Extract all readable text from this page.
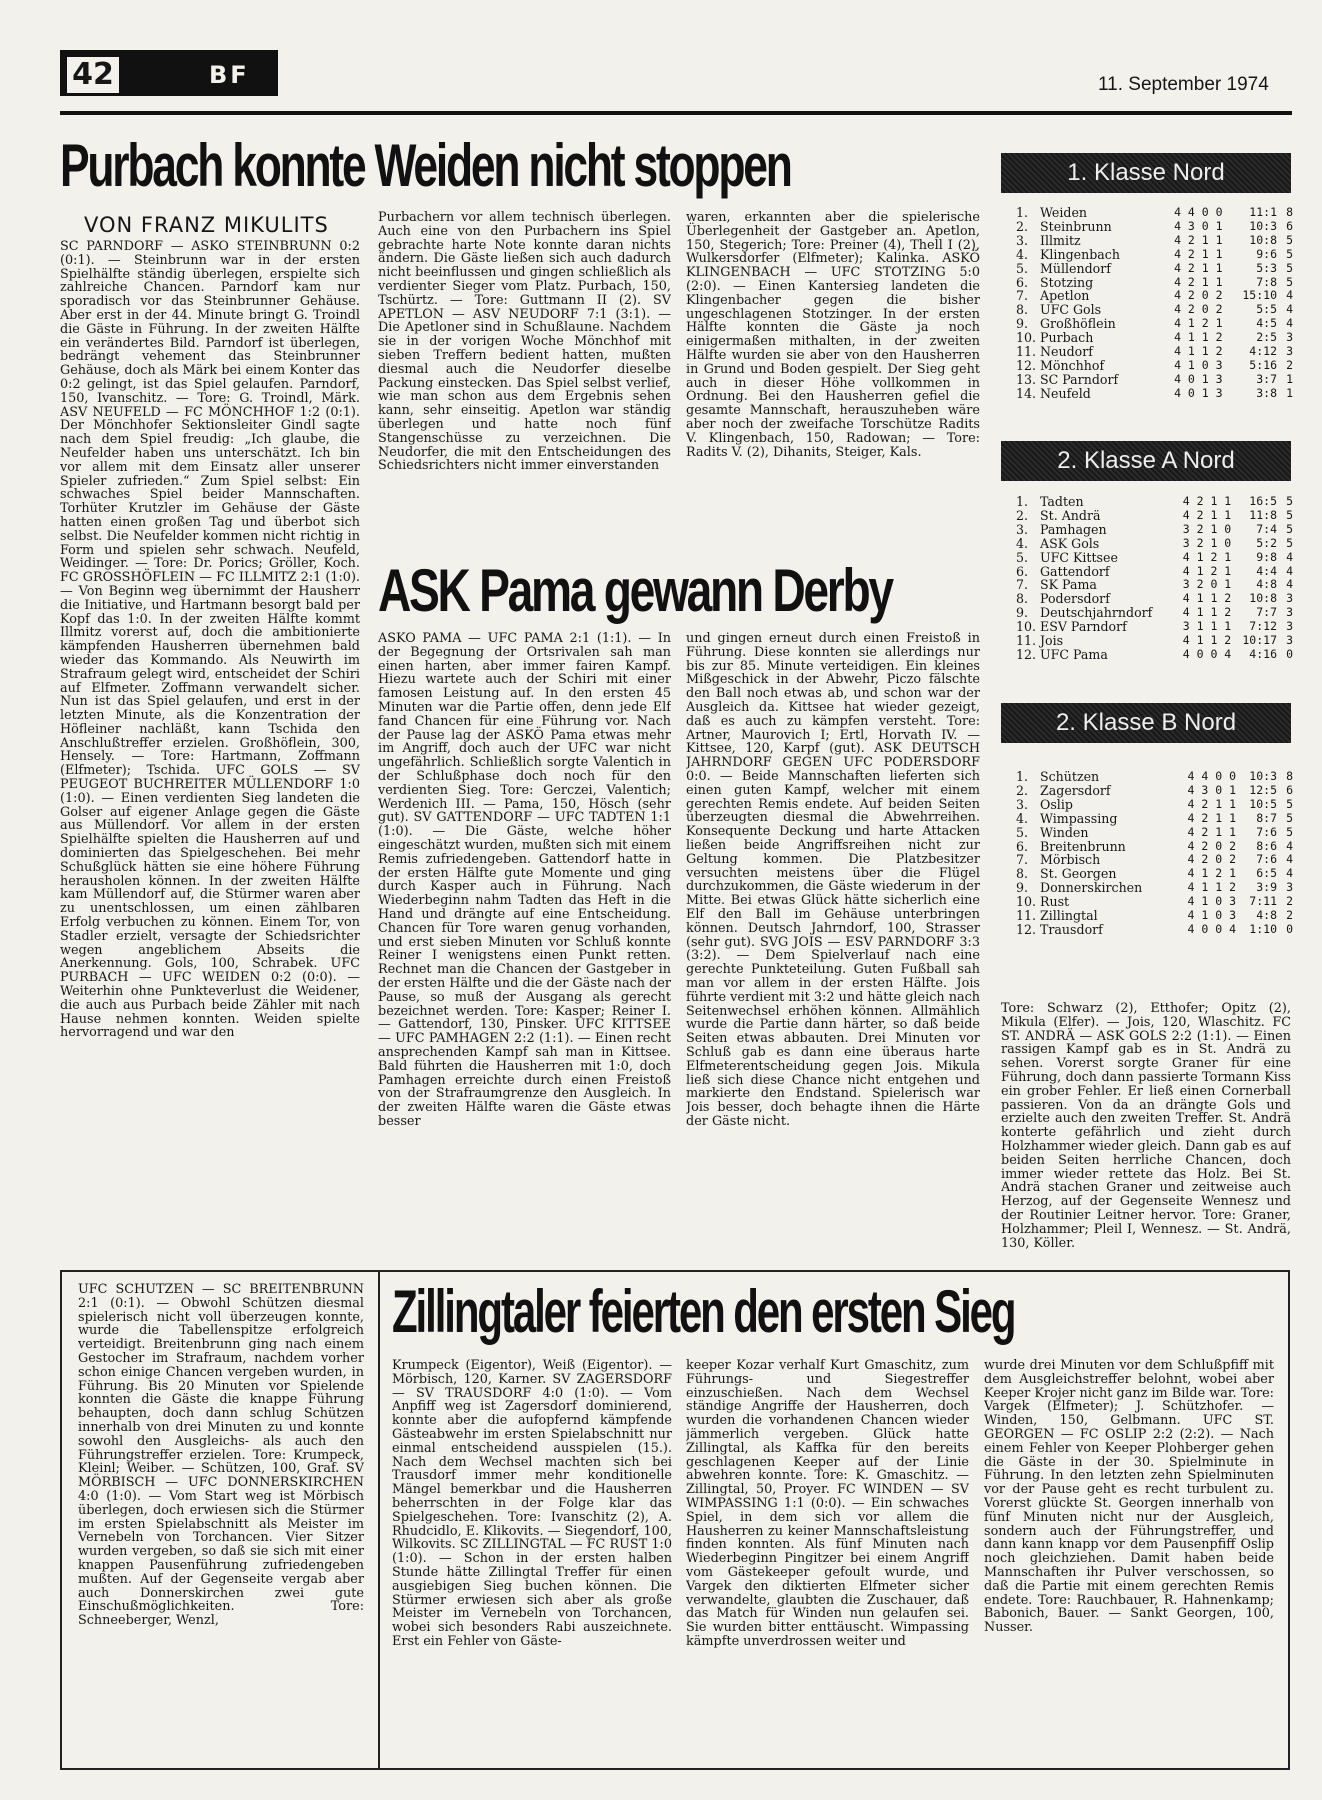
42	BF	11. September 1974
Purbach konnte Weiden nicht stoppen
VON FRANZ MIKULITS

SC PARNDORF — ASKÖ STEINBRUNN 0:2 (0:1). — Steinbrunn war in der ersten Spielhälfte ständig überlegen, erspielte sich zahlreiche Chancen. Parndorf kam nur sporadisch vor das Steinbrunner Gehäuse. Aber erst in der 44. Minute bringt G. Troindl die Gäste in Führung. In der zweiten Hälfte ein verändertes Bild. Parndorf ist überlegen, bedrängt vehement das Steinbrunner Gehäuse, doch als Märk bei einem Konter das 0:2 gelingt, ist das Spiel gelaufen. Parndorf, 150, Ivanschitz. — Tore: G. Troindl, Märk. ASV NEUFELD — FC MÖNCHHOF 1:2 (0:1). Der Mönchhofer Sektionsleiter Gindl sagte nach dem Spiel freudig: „Ich glaube, die Neufelder haben uns unterschätzt. Ich bin vor allem mit dem Einsatz aller unserer Spieler zufrieden.“ Zum Spiel selbst: Ein schwaches Spiel beider Mannschaften. Torhüter Krutzler im Gehäuse der Gäste hatten einen großen Tag und überbot sich selbst. Die Neufelder kommen nicht richtig in Form und spielen sehr schwach. Neufeld, Weidinger. — Tore: Dr. Porics; Gröller, Koch. FC GROSSHÖFLEIN — FC ILLMITZ 2:1 (1:0). — Von Beginn weg übernimmt der Hausherr die Initiative, und Hartmann besorgt bald per Kopf das 1:0. In der zweiten Hälfte kommt Illmitz vorerst auf, doch die ambitionierte kämpfenden Hausherren übernehmen bald wieder das Kommando. Als Neuwirth im Strafraum gelegt wird, entscheidet der Schiri auf Elfmeter. Zoffmann verwandelt sicher. Nun ist das Spiel gelaufen, und erst in der letzten Minute, als die Konzentration der Höfleiner nachläßt, kann Tschida den Anschlußtreffer erzielen. Großhöflein, 300, Hensely. — Tore: Hartmann, Zoffmann (Elfmeter); Tschida. UFC GOLS — SV PEUGEOT BUCHREITER MÜLLENDORF 1:0 (1:0). — Einen verdienten Sieg landeten die Golser auf eigener Anlage gegen die Gäste aus Müllendorf. Vor allem in der ersten Spielhälfte spielten die Hausherren auf und dominierten das Spielgeschehen. Bei mehr Schußglück hätten sie eine höhere Führung herausholen können. In der zweiten Hälfte kam Müllendorf auf, die Stürmer waren aber zu unentschlossen, um einen zählbaren Erfolg verbuchen zu können. Einem Tor, von Stadler erzielt, versagte der Schiedsrichter wegen angeblichem Abseits die Anerkennung. Gols, 100, Schrabek. UFC PURBACH — UFC WEIDEN 0:2 (0:0). — Weiterhin ohne Punkteverlust die Weidener, die auch aus Purbach beide Zähler mit nach Hause nehmen konnten. Weiden spielte hervorragend und war den

Purbachern vor allem technisch überlegen. Auch eine von den Purbachern ins Spiel gebrachte harte Note konnte daran nichts ändern. Die Gäste ließen sich auch dadurch nicht beeinflussen und gingen schließlich als verdienter Sieger vom Platz. Purbach, 150, Tschürtz. — Tore: Guttmann II (2). SV APETLON — ASV NEUDORF 7:1 (3:1). — Die Apetloner sind in Schußlaune. Nachdem sie in der vorigen Woche Mönchhof mit sieben Treffern bedient hatten, mußten diesmal auch die Neudorfer dieselbe Packung einstecken. Das Spiel selbst verlief, wie man schon aus dem Ergebnis sehen kann, sehr einseitig. Apetlon war ständig überlegen und hatte noch fünf Stangenschüsse zu verzeichnen. Die Neudorfer, die mit den Entscheidungen des Schiedsrichters nicht immer einverstanden

waren, erkannten aber die spielerische Überlegenheit der Gastgeber an. Apetlon, 150, Stegerich; Tore: Preiner (4), Thell I (2), Wulkersdorfer (Elfmeter); Kalinka. ASKÖ KLINGENBACH — UFC STOTZING 5:0 (2:0). — Einen Kantersieg landeten die Klingenbacher gegen die bisher ungeschlagenen Stotzinger. In der ersten Hälfte konnten die Gäste ja noch einigermaßen mithalten, in der zweiten Hälfte wurden sie aber von den Hausherren in Grund und Boden gespielt. Der Sieg geht auch in dieser Höhe vollkommen in Ordnung. Bei den Hausherren gefiel die gesamte Mannschaft, herauszuheben wäre aber noch der zweifache Torschütze Radits V. Klingenbach, 150, Radowan; — Tore: Radits V. (2), Dihanits, Steiger, Kals.

ASK Pama gewann Derby

ASKÖ PAMA — UFC PAMA 2:1 (1:1). — In der Begegnung der Ortsrivalen sah man einen harten, aber immer fairen Kampf. Hiezu wartete auch der Schiri mit einer famosen Leistung auf. In den ersten 45 Minuten war die Partie offen, denn jede Elf fand Chancen für eine Führung vor. Nach der Pause lag der ASKÖ Pama etwas mehr im Angriff, doch auch der UFC war nicht ungefährlich. Schließlich sorgte Valentich in der Schlußphase doch noch für den verdienten Sieg. Tore: Gerczei, Valentich; Werdenich III. — Pama, 150, Hösch (sehr gut). SV GATTENDORF — UFC TADTEN 1:1 (1:0). — Die Gäste, welche höher eingeschätzt wurden, mußten sich mit einem Remis zufriedengeben. Gattendorf hatte in der ersten Hälfte gute Momente und ging durch Kasper auch in Führung. Nach Wiederbeginn nahm Tadten das Heft in die Hand und drängte auf eine Entscheidung. Chancen für Tore waren genug vorhanden, und erst sieben Minuten vor Schluß konnte Reiner I wenigstens einen Punkt retten. Rechnet man die Chancen der Gastgeber in der ersten Hälfte und die der Gäste nach der Pause, so muß der Ausgang als gerecht bezeichnet werden. Tore: Kasper; Reiner I. — Gattendorf, 130, Pinsker. UFC KITTSEE — UFC PAMHAGEN 2:2 (1:1). — Einen recht ansprechenden Kampf sah man in Kittsee. Bald führten die Hausherren mit 1:0, doch Pamhagen erreichte durch einen Freistoß von der Strafraumgrenze den Ausgleich. In der zweiten Hälfte waren die Gäste etwas besser

und gingen erneut durch einen Freistoß in Führung. Diese konnten sie allerdings nur bis zur 85. Minute verteidigen. Ein kleines Mißgeschick in der Abwehr, Piczo fälschte den Ball noch etwas ab, und schon war der Ausgleich da. Kittsee hat wieder gezeigt, daß es auch zu kämpfen versteht. Tore: Artner, Maurovich I; Ertl, Horvath IV. — Kittsee, 120, Karpf (gut). ASK DEUTSCH JAHRNDORF GEGEN UFC PODERSDORF 0:0. — Beide Mannschaften lieferten sich einen guten Kampf, welcher mit einem gerechten Remis endete. Auf beiden Seiten überzeugten diesmal die Abwehrreihen. Konsequente Deckung und harte Attacken ließen beide Angriffsreihen nicht zur Geltung kommen. Die Platzbesitzer versuchten meistens über die Flügel durchzukommen, die Gäste wiederum in der Mitte. Bei etwas Glück hätte sicherlich eine Elf den Ball im Gehäuse unterbringen können. Deutsch Jahrndorf, 100, Strasser (sehr gut). SVG JOIS — ESV PARNDORF 3:3 (3:2). — Dem Spielverlauf nach eine gerechte Punkteteilung. Guten Fußball sah man vor allem in der ersten Hälfte. Jois führte verdient mit 3:2 und hätte gleich nach Seitenwechsel erhöhen können. Allmählich wurde die Partie dann härter, so daß beide Seiten etwas abbauten. Drei Minuten vor Schluß gab es dann eine überaus harte Elfmeterentscheidung gegen Jois. Mikula ließ sich diese Chance nicht entgehen und markierte den Endstand. Spielerisch war Jois besser, doch behagte ihnen die Härte der Gäste nicht.

Tore: Schwarz (2), Etthofer; Opitz (2), Mikula (Elfer). — Jois, 120, Wlaschitz. FC ST. ANDRÄ — ASK GOLS 2:2 (1:1). — Einen rassigen Kampf gab es in St. Andrä zu sehen. Vorerst sorgte Graner für eine Führung, doch dann passierte Tormann Kiss ein grober Fehler. Er ließ einen Cornerball passieren. Von da an drängte Gols und erzielte auch den zweiten Treffer. St. Andrä konterte gefährlich und zieht durch Holzhammer wieder gleich. Dann gab es auf beiden Seiten herrliche Chancen, doch immer wieder rettete das Holz. Bei St. Andrä stachen Graner und zeitweise auch Herzog, auf der Gegenseite Wennesz und der Routinier Leitner hervor. Tore: Graner, Holzhammer; Pleil I, Wennesz. — St. Andrä, 130, Köller.

1. Klasse Nord
1.	Weiden	4 4 0 0	11:1	8
2.	Steinbrunn	4 3 0 1	10:3	6
3.	Illmitz	4 2 1 1	10:8	5
4.	Klingenbach	4 2 1 1	9:6	5
5.	Müllendorf	4 2 1 1	5:3	5
6.	Stotzing	4 2 1 1	7:8	5
7.	Apetlon	4 2 0 2	15:10	4
8.	UFC Gols	4 2 0 2	5:5	4
9.	Großhöflein	4 1 2 1	4:5	4
10.	Purbach	4 1 1 2	2:5	3
11.	Neudorf	4 1 1 2	4:12	3
12.	Mönchhof	4 1 0 3	5:16	2
13.	SC Parndorf	4 0 1 3	3:7	1
14.	Neufeld	4 0 1 3	3:8	1
2. Klasse A Nord
1.	Tadten	4 2 1 1	16:5	5
2.	St. Andrä	4 2 1 1	11:8	5
3.	Pamhagen	3 2 1 0	7:4	5
4.	ASK Gols	3 2 1 0	5:2	5
5.	UFC Kittsee	4 1 2 1	9:8	4
6.	Gattendorf	4 1 2 1	4:4	4
7.	SK Pama	3 2 0 1	4:8	4
8.	Podersdorf	4 1 1 2	10:8	3
9.	Deutschjahrndorf	4 1 1 2	7:7	3
10.	ESV Parndorf	3 1 1 1	7:12	3
11.	Jois	4 1 1 2	10:17	3
12.	UFC Pama	4 0 0 4	4:16	0
2. Klasse B Nord
1.	Schützen	4 4 0 0	10:3	8
2.	Zagersdorf	4 3 0 1	12:5	6
3.	Oslip	4 2 1 1	10:5	5
4.	Wimpassing	4 2 1 1	8:7	5
5.	Winden	4 2 1 1	7:6	5
6.	Breitenbrunn	4 2 0 2	8:6	4
7.	Mörbisch	4 2 0 2	7:6	4
8.	St. Georgen	4 1 2 1	6:5	4
9.	Donnerskirchen	4 1 1 2	3:9	3
10.	Rust	4 1 0 3	7:11	2
11.	Zillingtal	4 1 0 3	4:8	2
12.	Trausdorf	4 0 0 4	1:10	0

UFC SCHÜTZEN — SC BREITENBRUNN 2:1 (0:1). — Obwohl Schützen diesmal spielerisch nicht voll überzeugen konnte, wurde die Tabellenspitze erfolgreich verteidigt. Breitenbrunn ging nach einem Gestocher im Strafraum, nachdem vorher schon einige Chancen vergeben wurden, in Führung. Bis 20 Minuten vor Spielende konnten die Gäste die knappe Führung behaupten, doch dann schlug Schützen innerhalb von drei Minuten zu und konnte sowohl den Ausgleichs- als auch den Führungstreffer erzielen. Tore: Krumpeck, Kleinl; Weiber. — Schützen, 100, Graf. SV MÖRBISCH — UFC DONNERSKIRCHEN 4:0 (1:0). — Vom Start weg ist Mörbisch überlegen, doch erwiesen sich die Stürmer im ersten Spielabschnitt als Meister im Vernebeln von Torchancen. Vier Sitzer wurden vergeben, so daß sie sich mit einer knappen Pausenführung zufriedengeben mußten. Auf der Gegenseite vergab aber auch Donnerskirchen zwei gute Einschußmöglichkeiten. Tore: Schneeberger, Wenzl,

Zillingtaler feierten den ersten Sieg

Krumpeck (Eigentor), Weiß (Eigentor). — Mörbisch, 120, Karner. SV ZAGERSDORF — SV TRAUSDORF 4:0 (1:0). — Vom Anpfiff weg ist Zagersdorf dominierend, konnte aber die aufopfernd kämpfende Gästeabwehr im ersten Spielabschnitt nur einmal entscheidend ausspielen (15.). Nach dem Wechsel machten sich bei Trausdorf immer mehr konditionelle Mängel bemerkbar und die Hausherren beherrschten in der Folge klar das Spielgeschehen. Tore: Ivanschitz (2), A. Rhudcidlo, E. Klikovits. — Siegendorf, 100, Wilkovits. SC ZILLINGTAL — FC RUST 1:0 (1:0). — Schon in der ersten halben Stunde hätte Zillingtal Treffer für einen ausgiebigen Sieg buchen können. Die Stürmer erwiesen sich aber als große Meister im Vernebeln von Torchancen, wobei sich besonders Rabi auszeichnete. Erst ein Fehler von Gäste-

keeper Kozar verhalf Kurt Gmaschitz, zum Führungs- und Siegestreffer einzuschießen. Nach dem Wechsel ständige Angriffe der Hausherren, doch wurden die vorhandenen Chancen wieder jämmerlich vergeben. Glück hatte Zillingtal, als Kaffka für den bereits geschlagenen Keeper auf der Linie abwehren konnte. Tore: K. Gmaschitz. — Zillingtal, 50, Proyer. FC WINDEN — SV WIMPASSING 1:1 (0:0). — Ein schwaches Spiel, in dem sich vor allem die Hausherren zu keiner Mannschaftsleistung finden konnten. Als fünf Minuten nach Wiederbeginn Pingitzer bei einem Angriff vom Gästekeeper gefoult wurde, und Vargek den diktierten Elfmeter sicher verwandelte, glaubten die Zuschauer, daß das Match für Winden nun gelaufen sei. Sie wurden bitter enttäuscht. Wimpassing kämpfte unverdrossen weiter und

wurde drei Minuten vor dem Schlußpfiff mit dem Ausgleichstreffer belohnt, wobei aber Keeper Krojer nicht ganz im Bilde war. Tore: Vargek (Elfmeter); J. Schützhofer. — Winden, 150, Gelbmann. UFC ST. GEORGEN — FC OSLIP 2:2 (2:2). — Nach einem Fehler von Keeper Plohberger gehen die Gäste in der 30. Spielminute in Führung. In den letzten zehn Spielminuten vor der Pause geht es recht turbulent zu. Vorerst glückte St. Georgen innerhalb von fünf Minuten nicht nur der Ausgleich, sondern auch der Führungstreffer, und dann kann knapp vor dem Pausenpfiff Oslip noch gleichziehen. Damit haben beide Mannschaften ihr Pulver verschossen, so daß die Partie mit einem gerechten Remis endete. Tore: Rauchbauer, R. Hahnenkamp; Babonich, Bauer. — Sankt Georgen, 100, Nusser.
